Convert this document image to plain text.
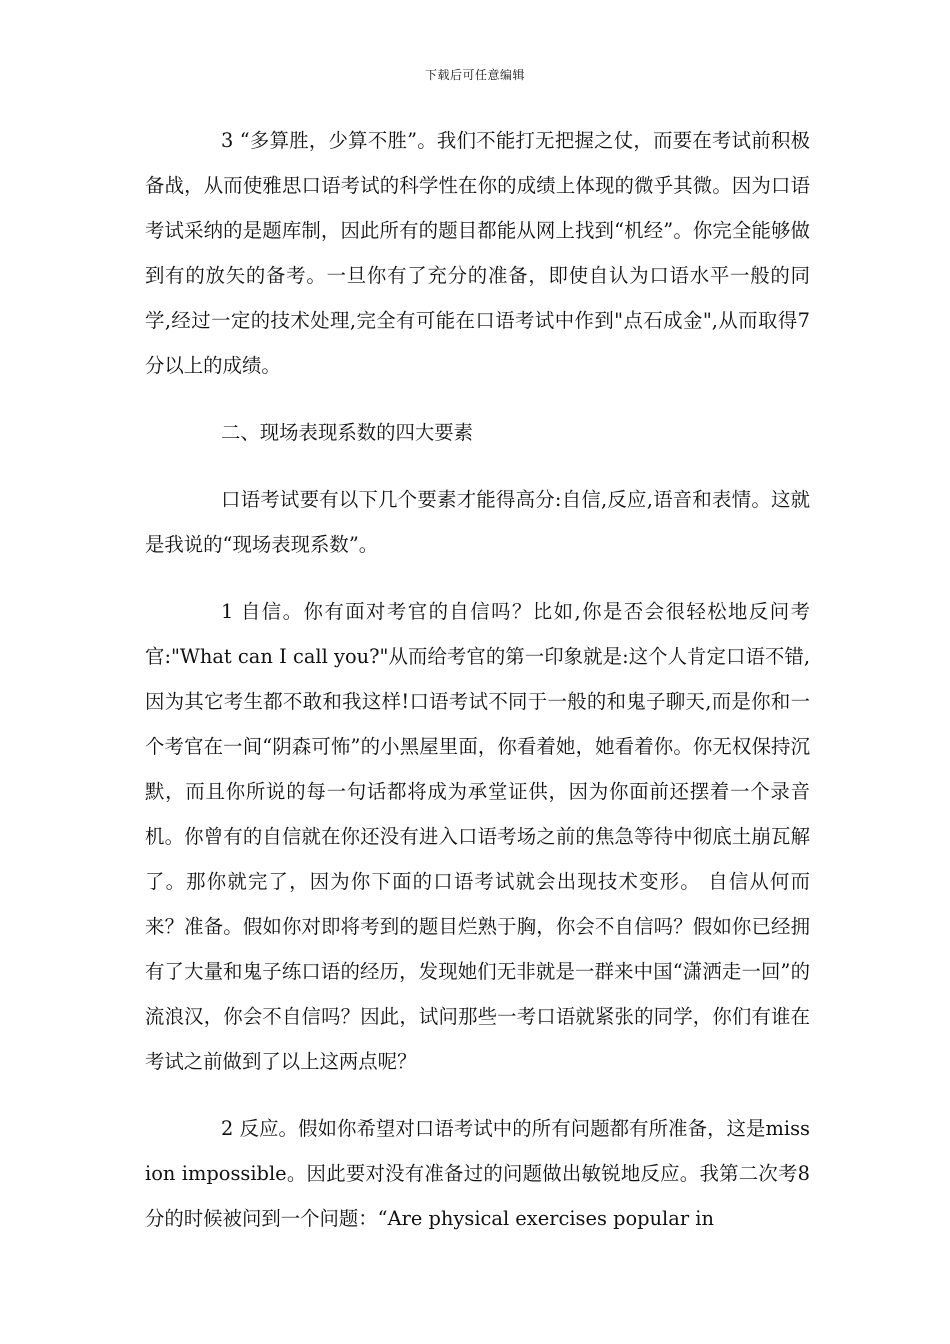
下载后可任意编辑

3 “多算胜，少算不胜”。我们不能打无把握之仗，而要在考试前积极备战，从而使雅思口语考试的科学性在你的成绩上体现的微乎其微。因为口语考试采纳的是题库制，因此所有的题目都能从网上找到“机经”。你完全能够做到有的放矢的备考。一旦你有了充分的准备，即使自认为口语水平一般的同学,经过一定的技术处理,完全有可能在口语考试中作到"点石成金",从而取得7分以上的成绩。

二、现场表现系数的四大要素

口语考试要有以下几个要素才能得高分:自信,反应,语音和表情。这就是我说的“现场表现系数”。

1 自信。你有面对考官的自信吗？比如,你是否会很轻松地反问考官:"What can I call you?"从而给考官的第一印象就是:这个人肯定口语不错,因为其它考生都不敢和我这样!口语考试不同于一般的和鬼子聊天,而是你和一个考官在一间“阴森可怖”的小黑屋里面，你看着她，她看着你。你无权保持沉默，而且你所说的每一句话都将成为承堂证供，因为你面前还摆着一个录音机。你曾有的自信就在你还没有进入口语考场之前的焦急等待中彻底土崩瓦解了。那你就完了，因为你下面的口语考试就会出现技术变形。 自信从何而来？准备。假如你对即将考到的题目烂熟于胸，你会不自信吗？假如你已经拥有了大量和鬼子练口语的经历，发现她们无非就是一群来中国“潇洒走一回”的流浪汉，你会不自信吗？因此，试问那些一考口语就紧张的同学，你们有谁在考试之前做到了以上这两点呢？

2 反应。假如你希望对口语考试中的所有问题都有所准备，这是mission impossible。因此要对没有准备过的问题做出敏锐地反应。我第二次考8分的时候被问到一个问题：“Are physical exercises popular in
